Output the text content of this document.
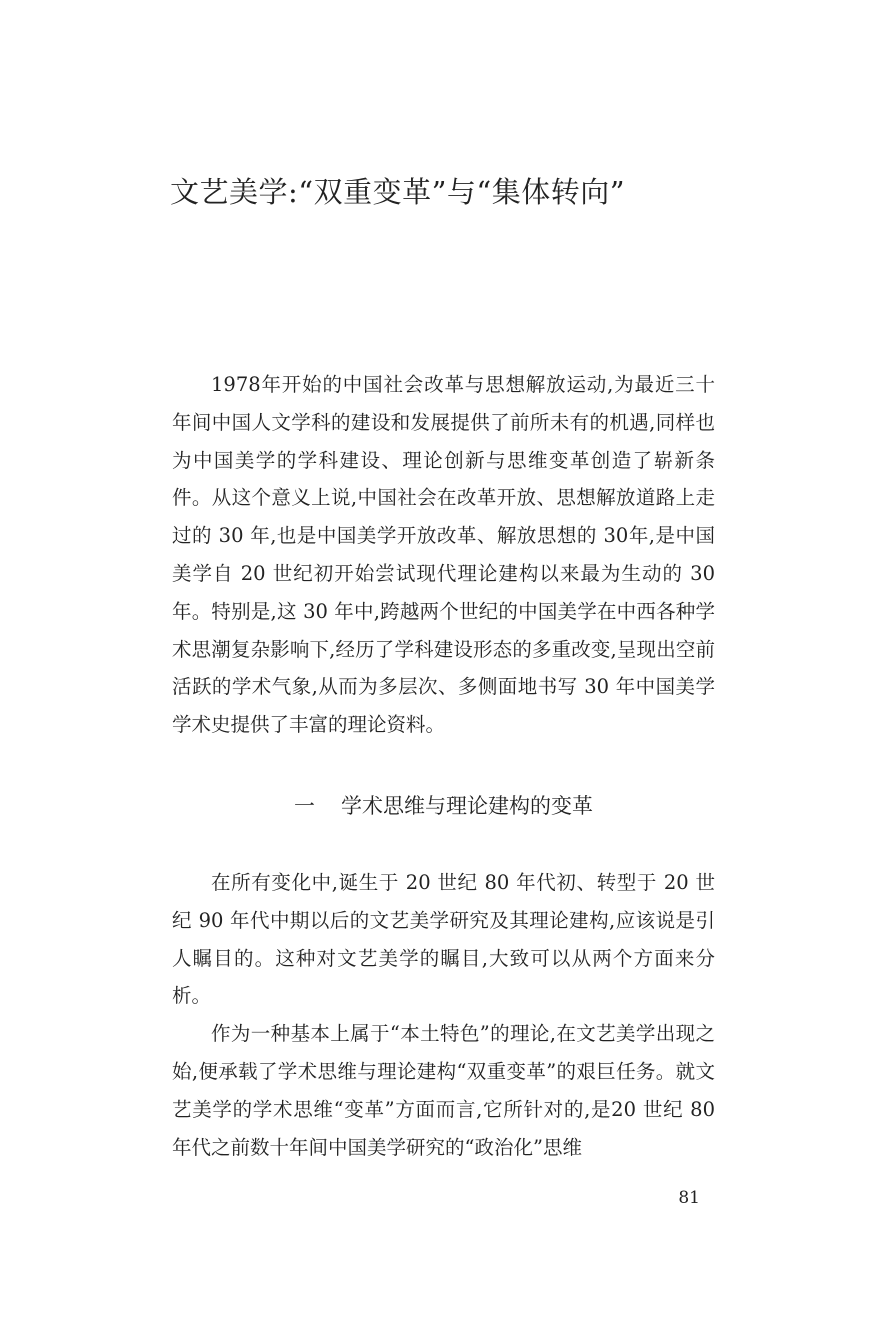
文艺美学:“双重变革”与“集体转向”

1978年开始的中国社会改革与思想解放运动,为最近三十年间中国人文学科的建设和发展提供了前所未有的机遇,同样也为中国美学的学科建设、理论创新与思维变革创造了崭新条件。从这个意义上说,中国社会在改革开放、思想解放道路上走过的 30 年,也是中国美学开放改革、解放思想的 30年,是中国美学自 20 世纪初开始尝试现代理论建构以来最为生动的 30 年。特别是,这 30 年中,跨越两个世纪的中国美学在中西各种学术思潮复杂影响下,经历了学科建设形态的多重改变,呈现出空前活跃的学术气象,从而为多层次、多侧面地书写 30 年中国美学学术史提供了丰富的理论资料。

一 学术思维与理论建构的变革

在所有变化中,诞生于 20 世纪 80 年代初、转型于 20 世纪 90 年代中期以后的文艺美学研究及其理论建构,应该说是引人瞩目的。这种对文艺美学的瞩目,大致可以从两个方面来分析。

作为一种基本上属于“本土特色”的理论,在文艺美学出现之始,便承载了学术思维与理论建构“双重变革”的艰巨任务。就文艺美学的学术思维“变革”方面而言,它所针对的,是20 世纪 80 年代之前数十年间中国美学研究的“政治化”思维

81
